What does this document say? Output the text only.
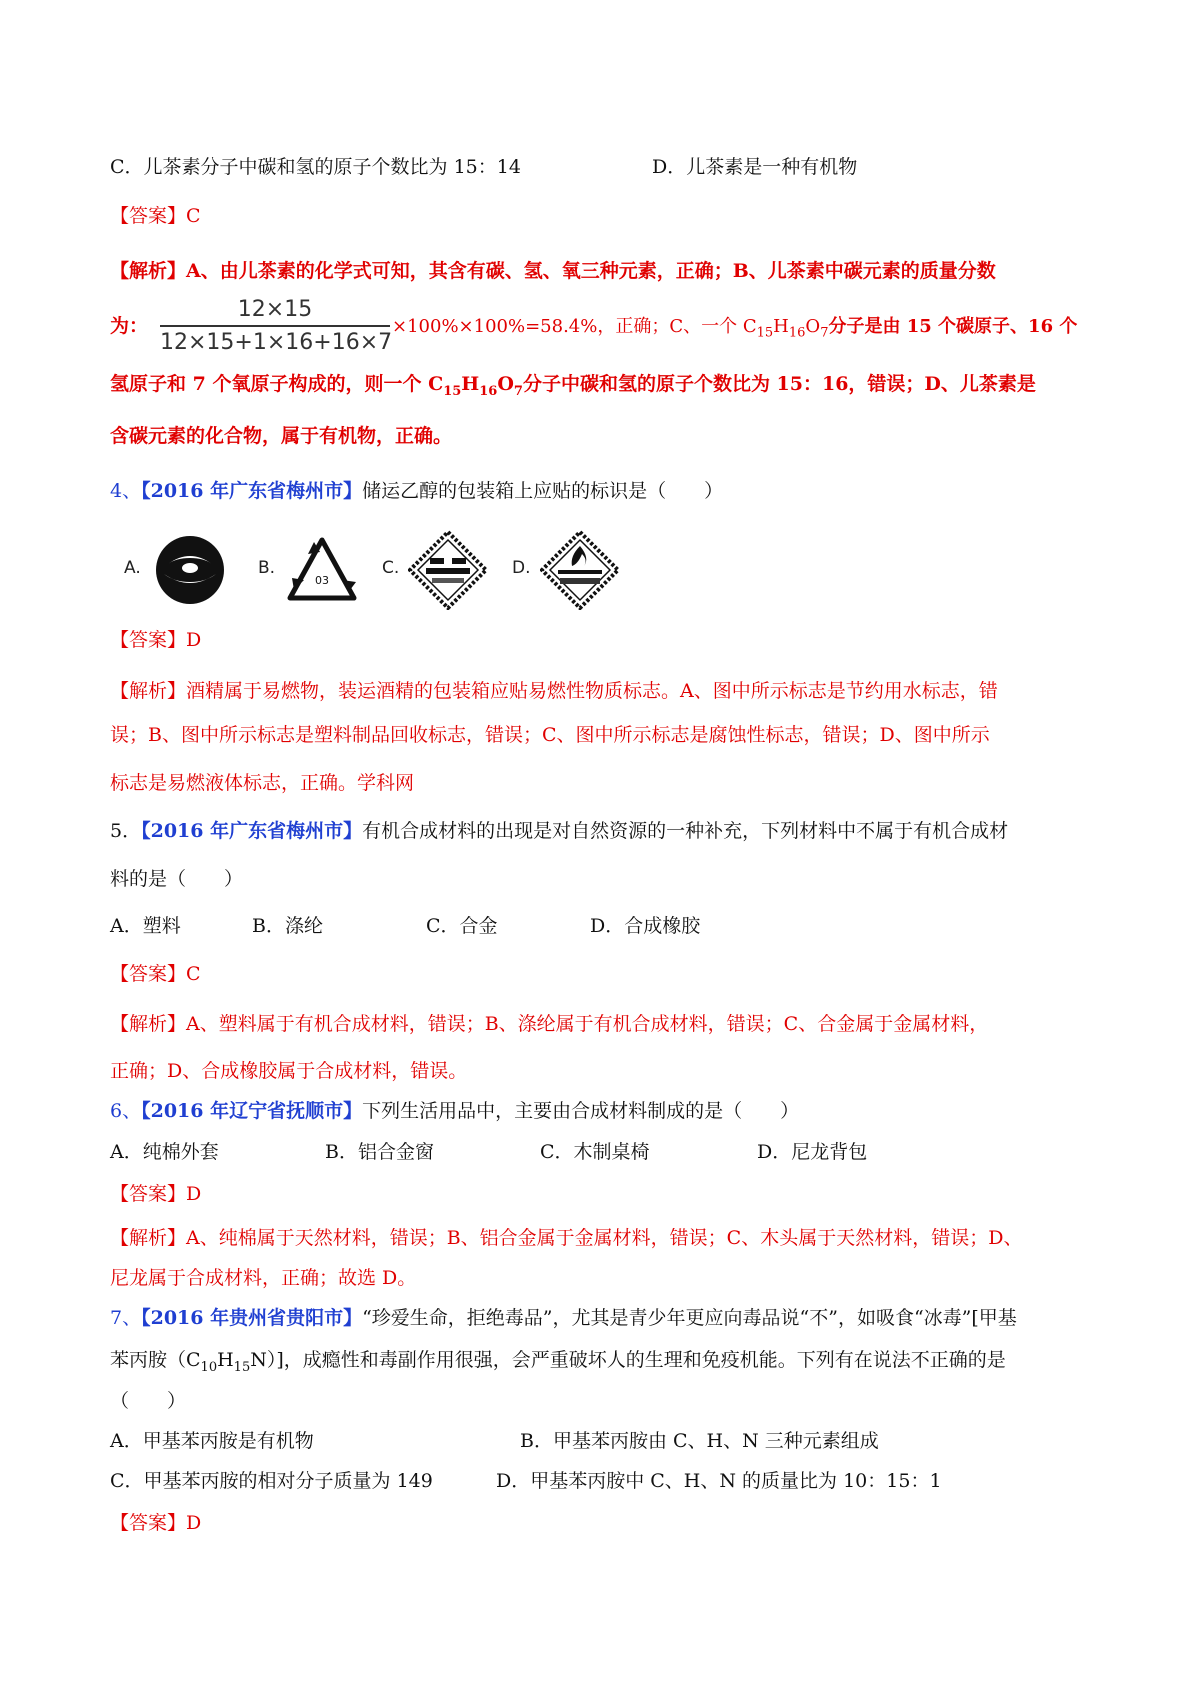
C．儿茶素分子中碳和氢的原子个数比为 15：14	D．儿茶素是一种有机物
【答案】C
【解析】A、由儿茶素的化学式可知，其含有碳、氢、氧三种元素，正确；B、儿茶素中碳元素的质量分数
为：
12×15
12×15+1×16+16×7
×100%×100%=58.4%，正确；C、一个 $C_{15}H_{16}O_7$分子是由 15 个碳原子、16 个
氢原子和 7 个氧原子构成的，则一个 $C_{15}H_{16}O_7$分子中碳和氢的原子个数比为 15：16，错误；D、儿茶素是
含碳元素的化合物，属于有机物，正确。
4、【2016 年广东省梅州市】储运乙醇的包装箱上应贴的标识是（　　）
A.	B.
03
C.	D.
【答案】D
【解析】酒精属于易燃物，装运酒精的包装箱应贴易燃性物质标志。A、图中所示标志是节约用水标志，错
误；B、图中所示标志是塑料制品回收标志，错误；C、图中所示标志是腐蚀性标志，错误；D、图中所示
标志是易燃液体标志，正确。学科网
5．【2016 年广东省梅州市】有机合成材料的出现是对自然资源的一种补充，下列材料中不属于有机合成材
料的是（　　）
A．塑料	B．涤纶	C．合金	D．合成橡胶
【答案】C
【解析】A、塑料属于有机合成材料，错误；B、涤纶属于有机合成材料，错误；C、合金属于金属材料，
正确；D、合成橡胶属于合成材料，错误。
6、【2016 年辽宁省抚顺市】下列生活用品中，主要由合成材料制成的是（　　）
A．纯棉外套	B．铝合金窗	C．木制桌椅	D．尼龙背包
【答案】D
【解析】A、纯棉属于天然材料，错误；B、铝合金属于金属材料，错误；C、木头属于天然材料，错误；D、
尼龙属于合成材料，正确；故选 D。
7、【2016 年贵州省贵阳市】“珍爱生命，拒绝毒品”，尤其是青少年更应向毒品说“不”，如吸食“冰毒”[甲基
苯丙胺$(C_{10}H_{15}N)$]，成瘾性和毒副作用很强，会严重破坏人的生理和免疫机能。下列有在说法不正确的是
（　　）
A．甲基苯丙胺是有机物	B．甲基苯丙胺由 C、H、N 三种元素组成
C．甲基苯丙胺的相对分子质量为 149	D．甲基苯丙胺中 C、H、N 的质量比为 10：15：1
【答案】D
